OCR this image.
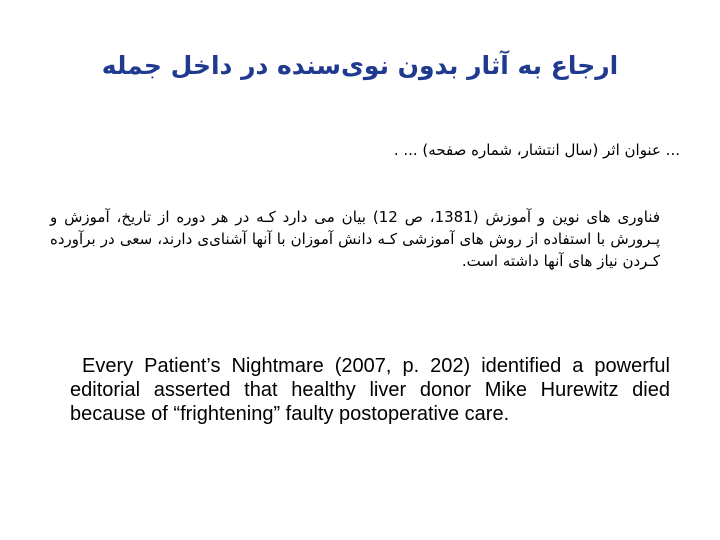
ارجاع به آثار بدون نوی‌سنده در داخل جمله
... عنوان اثر (سال انتشار، شماره صفحه) ... .
فناوری های نوین و آموزش (1381، ص 12) بیان می دارد کـه در هر دوره از تاریخ، آموزش و پـرورش با استفاده از روش های آموزشی کـه دانش آموزان با آنها آشنای‌ی دارند، سعی در برآورده کـردن نیاز های آنها داشته است.
Every Patient’s Nightmare (2007, p. 202) identified a powerful editorial asserted that healthy liver donor Mike Hurewitz died because of “frightening” faulty postoperative care.
